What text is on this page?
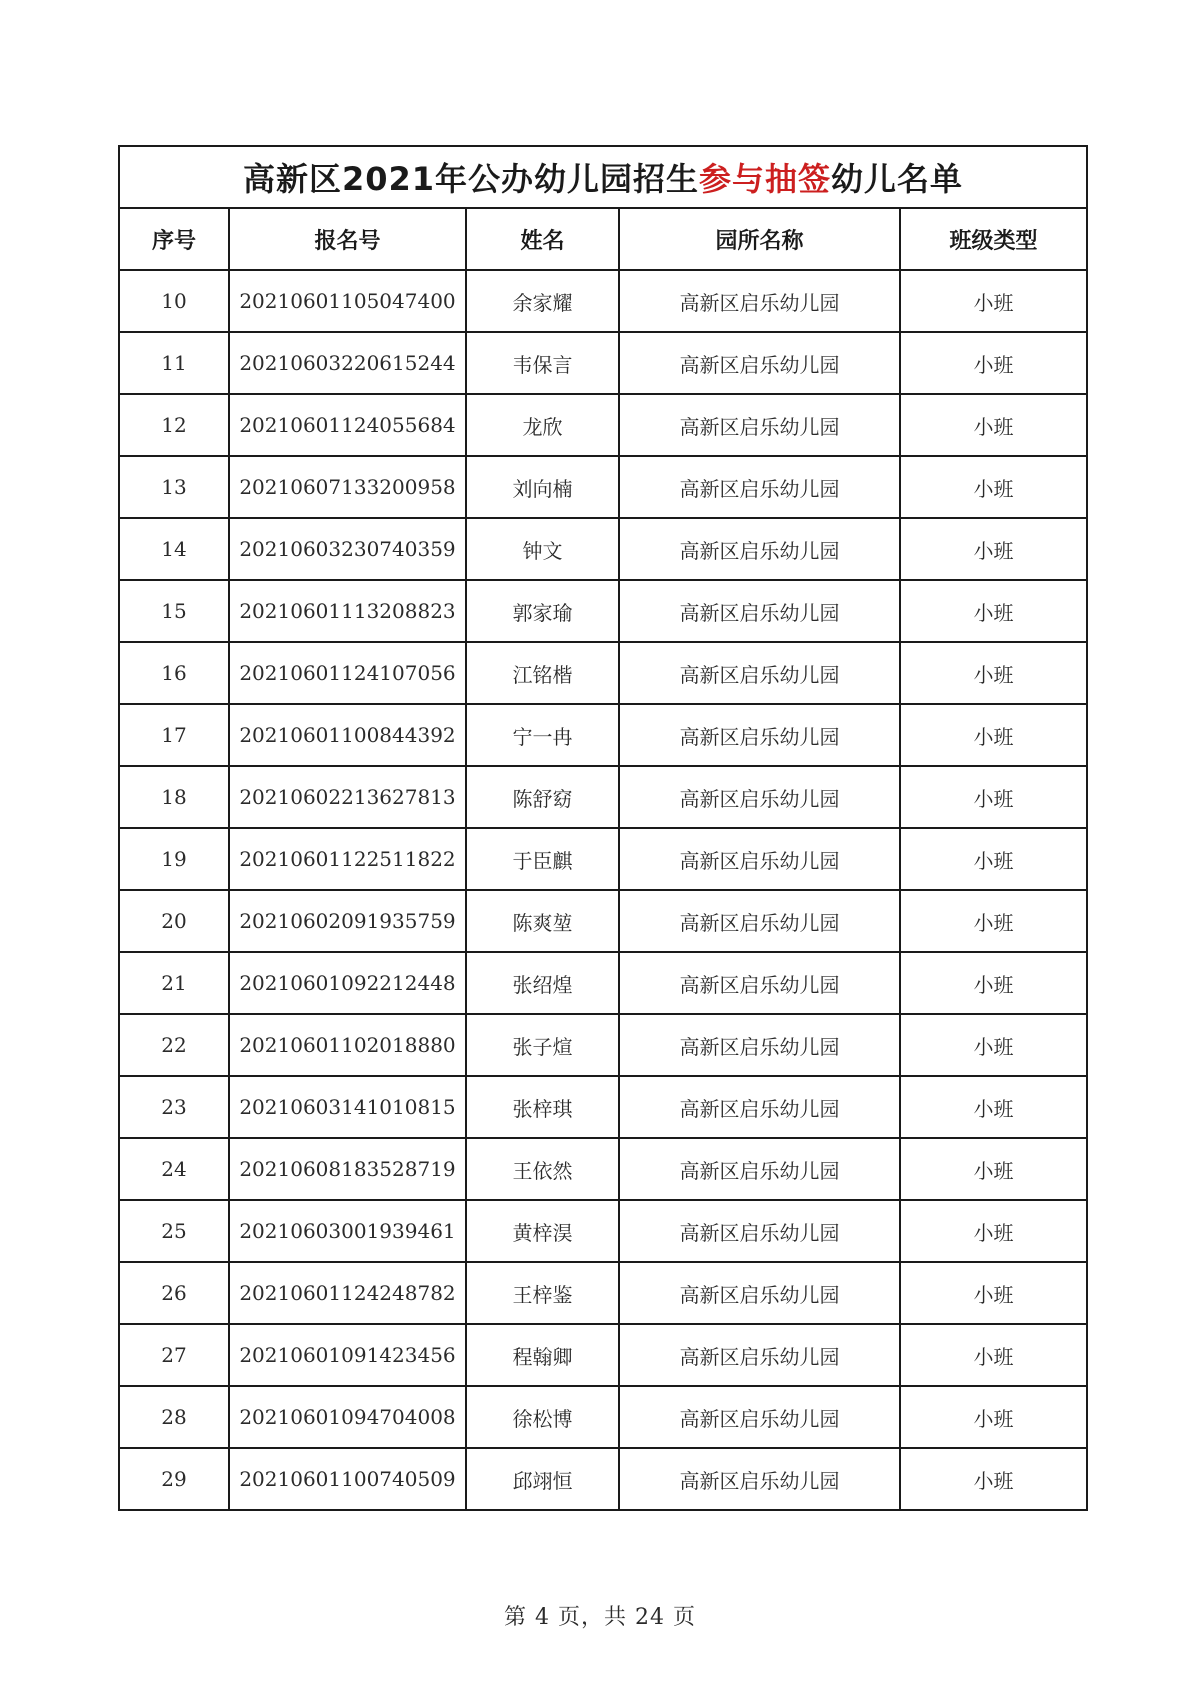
高新区2021年公办幼儿园招生参与抽签幼儿名单				
序号	报名号	姓名	园所名称	班级类型
10	20210601105047400	余家耀	高新区启乐幼儿园	小班
11	20210603220615244	韦保言	高新区启乐幼儿园	小班
12	20210601124055684	龙欣	高新区启乐幼儿园	小班
13	20210607133200958	刘向楠	高新区启乐幼儿园	小班
14	20210603230740359	钟文	高新区启乐幼儿园	小班
15	20210601113208823	郭家瑜	高新区启乐幼儿园	小班
16	20210601124107056	江铭楷	高新区启乐幼儿园	小班
17	20210601100844392	宁一冉	高新区启乐幼儿园	小班
18	20210602213627813	陈舒窈	高新区启乐幼儿园	小班
19	20210601122511822	于臣麒	高新区启乐幼儿园	小班
20	20210602091935759	陈爽堃	高新区启乐幼儿园	小班
21	20210601092212448	张绍煌	高新区启乐幼儿园	小班
22	20210601102018880	张子煊	高新区启乐幼儿园	小班
23	20210603141010815	张梓琪	高新区启乐幼儿园	小班
24	20210608183528719	王依然	高新区启乐幼儿园	小班
25	20210603001939461	黄梓淏	高新区启乐幼儿园	小班
26	20210601124248782	王梓鉴	高新区启乐幼儿园	小班
27	20210601091423456	程翰卿	高新区启乐幼儿园	小班
28	20210601094704008	徐松博	高新区启乐幼儿园	小班
29	20210601100740509	邱翊恒	高新区启乐幼儿园	小班
第 4 页，共 24 页
